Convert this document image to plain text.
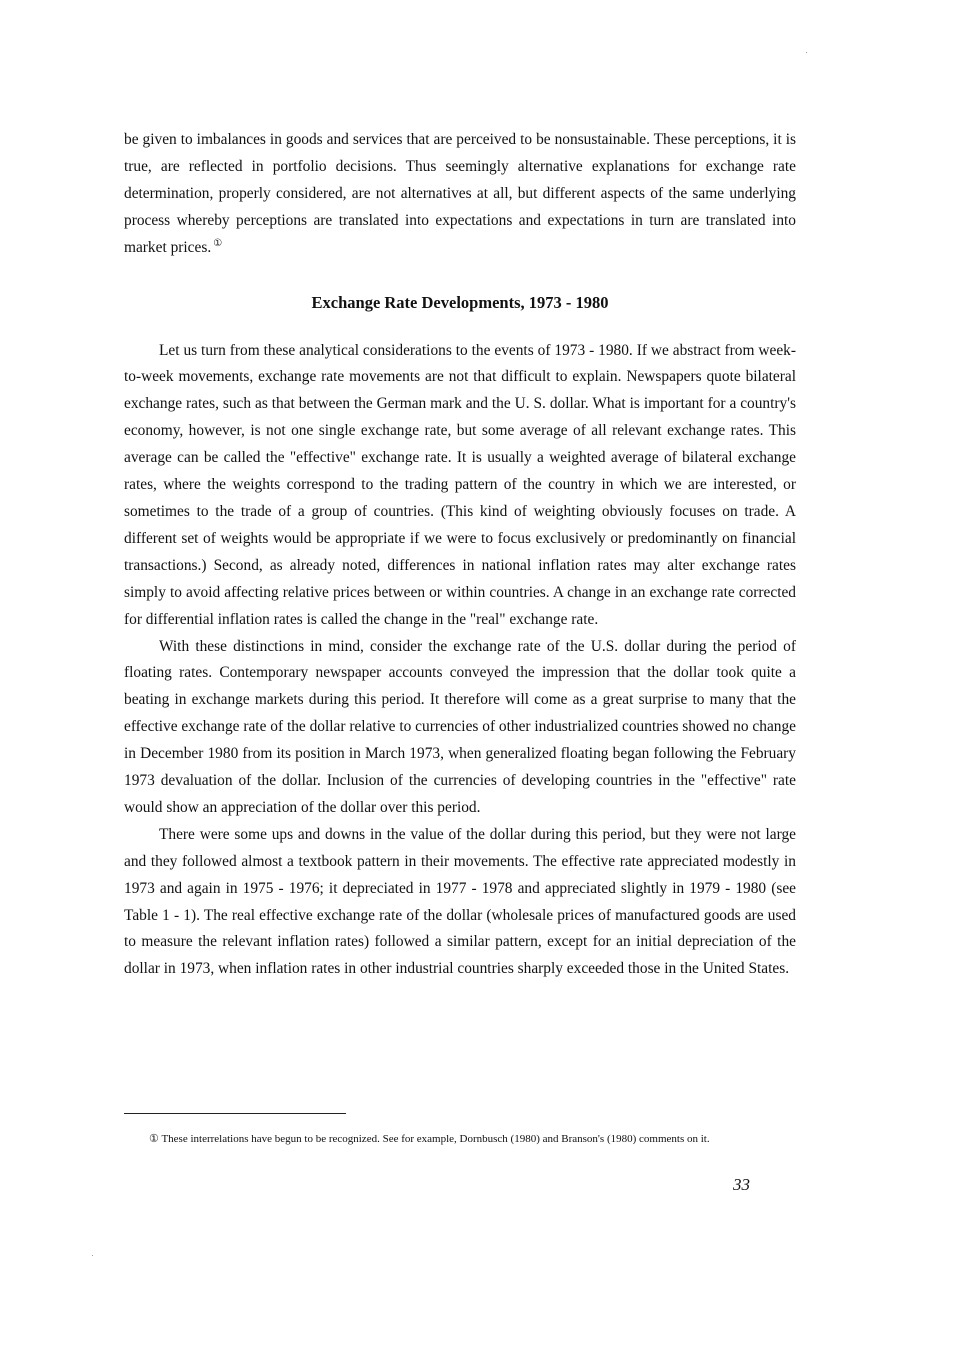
be given to imbalances in goods and services that are perceived to be nonsustainable. These perceptions, it is true, are reflected in portfolio decisions. Thus seemingly alternative explanations for exchange rate determination, properly considered, are not alternatives at all, but different aspects of the same underlying process whereby perceptions are translated into expectations and expectations in turn are translated into market prices. ①

Exchange Rate Developments, 1973 - 1980

Let us turn from these analytical considerations to the events of 1973 - 1980. If we abstract from week-to-week movements, exchange rate movements are not that difficult to explain. Newspapers quote bilateral exchange rates, such as that between the German mark and the U. S. dollar. What is important for a country's economy, however, is not one single exchange rate, but some average of all relevant exchange rates. This average can be called the "effective" exchange rate. It is usually a weighted average of bilateral exchange rates, where the weights correspond to the trading pattern of the country in which we are interested, or sometimes to the trade of a group of countries. (This kind of weighting obviously focuses on trade. A different set of weights would be appropriate if we were to focus exclusively or predominantly on financial transactions.) Second, as already noted, differences in national inflation rates may alter exchange rates simply to avoid affecting relative prices between or within countries. A change in an exchange rate corrected for differential inflation rates is called the change in the "real" exchange rate.

With these distinctions in mind, consider the exchange rate of the U.S. dollar during the period of floating rates. Contemporary newspaper accounts conveyed the impression that the dollar took quite a beating in exchange markets during this period. It therefore will come as a great surprise to many that the effective exchange rate of the dollar relative to currencies of other industrialized countries showed no change in December 1980 from its position in March 1973, when generalized floating began following the February 1973 devaluation of the dollar. Inclusion of the currencies of developing countries in the "effective" rate would show an appreciation of the dollar over this period.

There were some ups and downs in the value of the dollar during this period, but they were not large and they followed almost a textbook pattern in their movements. The effective rate appreciated modestly in 1973 and again in 1975 - 1976; it depreciated in 1977 - 1978 and appreciated slightly in 1979 - 1980 (see Table 1 - 1). The real effective exchange rate of the dollar (wholesale prices of manufactured goods are used to measure the relevant inflation rates) followed a similar pattern, except for an initial depreciation of the dollar in 1973, when inflation rates in other industrial countries sharply exceeded those in the United States.

① These interrelations have begun to be recognized. See for example, Dornbusch (1980) and Branson's (1980) comments on it.
33
